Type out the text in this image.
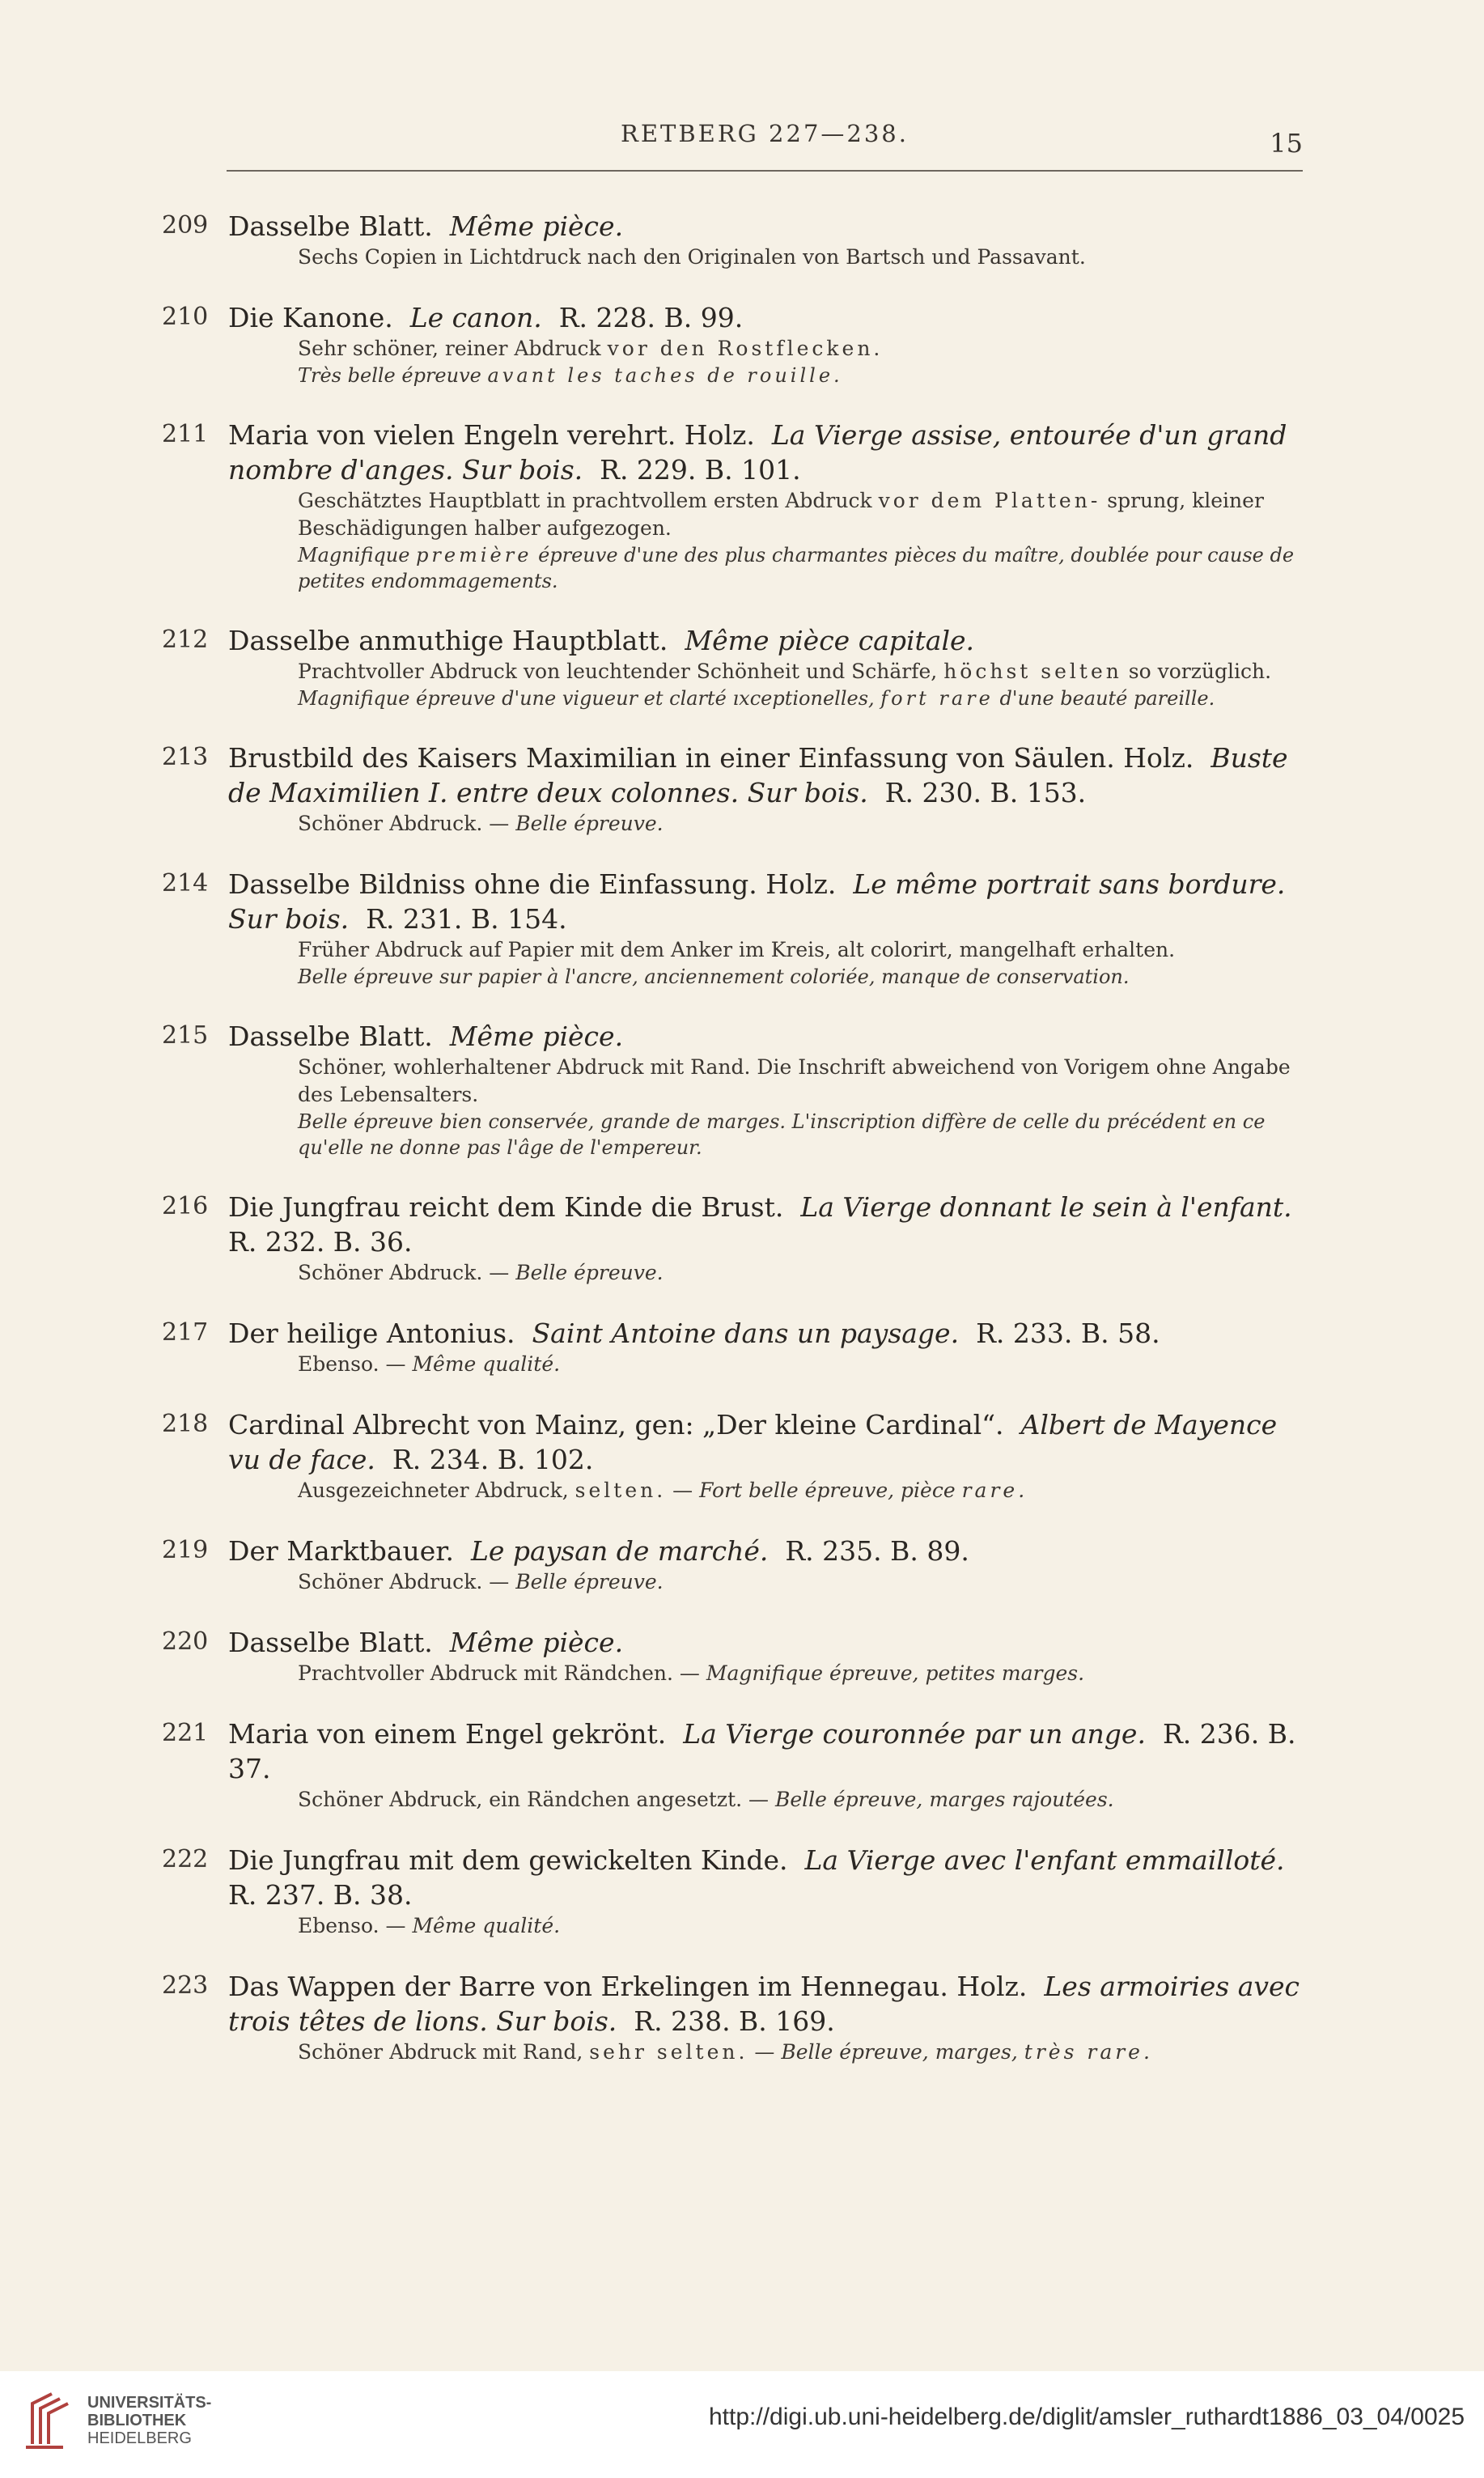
RETBERG 227—238.	15
209 Dasselbe Blatt. Même pièce.
Sechs Copien in Lichtdruck nach den Originalen von Bartsch und Passavant.
210 Die Kanone. Le canon. R. 228. B. 99.
Sehr schöner, reiner Abdruck vor den Rostflecken.
Très belle épreuve avant les taches de rouille.
211 Maria von vielen Engeln verehrt. Holz. La Vierge assise, entourée d'un grand nombre d'anges. Sur bois. R. 229. B. 101.
Geschätztes Hauptblatt in prachtvollem ersten Abdruck vor dem Platten- sprung, kleiner Beschädigungen halber aufgezogen.
Magnifique première épreuve d'une des plus charmantes pièces du maître, doublée pour cause de petites endommagements.
212 Dasselbe anmuthige Hauptblatt. Même pièce capitale.
Prachtvoller Abdruck von leuchtender Schönheit und Schärfe, höchst selten so vorzüglich.
Magnifique épreuve d'une vigueur et clarté ıxceptionelles, fort rare d'une beauté pareille.
213 Brustbild des Kaisers Maximilian in einer Einfassung von Säulen. Holz. Buste de Maximilien I. entre deux colonnes. Sur bois. R. 230. B. 153.
Schöner Abdruck. — Belle épreuve.
214 Dasselbe Bildniss ohne die Einfassung. Holz. Le même portrait sans bordure. Sur bois. R. 231. B. 154.
Früher Abdruck auf Papier mit dem Anker im Kreis, alt colorirt, mangelhaft erhalten.
Belle épreuve sur papier à l'ancre, anciennement coloriée, manque de conservation.
215 Dasselbe Blatt. Même pièce.
Schöner, wohlerhaltener Abdruck mit Rand. Die Inschrift abweichend von Vorigem ohne Angabe des Lebensalters.
Belle épreuve bien conservée, grande de marges. L'inscription diffère de celle du précédent en ce qu'elle ne donne pas l'âge de l'empereur.
216 Die Jungfrau reicht dem Kinde die Brust. La Vierge donnant le sein à l'enfant.  R. 232. B. 36.
Schöner Abdruck. — Belle épreuve.
217 Der heilige Antonius. Saint Antoine dans un paysage. R. 233. B. 58.
Ebenso. — Même qualité.
218 Cardinal Albrecht von Mainz, gen: „Der kleine Cardinal“. Albert de Mayence vu de face. R. 234. B. 102.
Ausgezeichneter Abdruck, selten. — Fort belle épreuve, pièce rare.
219 Der Marktbauer. Le paysan de marché. R. 235. B. 89.
Schöner Abdruck. — Belle épreuve.
220 Dasselbe Blatt. Même pièce.
Prachtvoller Abdruck mit Rändchen. — Magnifique épreuve, petites marges.
221 Maria von einem Engel gekrönt. La Vierge couronnée par un ange. R. 236. B. 37.
Schöner Abdruck, ein Rändchen angesetzt. — Belle épreuve, marges rajoutées.
222 Die Jungfrau mit dem gewickelten Kinde. La Vierge avec l'enfant emmailloté.  R. 237. B. 38.
Ebenso. — Même qualité.
223 Das Wappen der Barre von Erkelingen im Hennegau. Holz. Les armoiries avec trois têtes de lions. Sur bois. R. 238. B. 169.
Schöner Abdruck mit Rand, sehr selten. — Belle épreuve, marges, très rare.
UNIVERSITÄTS-
BIBLIOTHEK
HEIDELBERG
http://digi.ub.uni-heidelberg.de/diglit/amsler_ruthardt1886_03_04/0025
